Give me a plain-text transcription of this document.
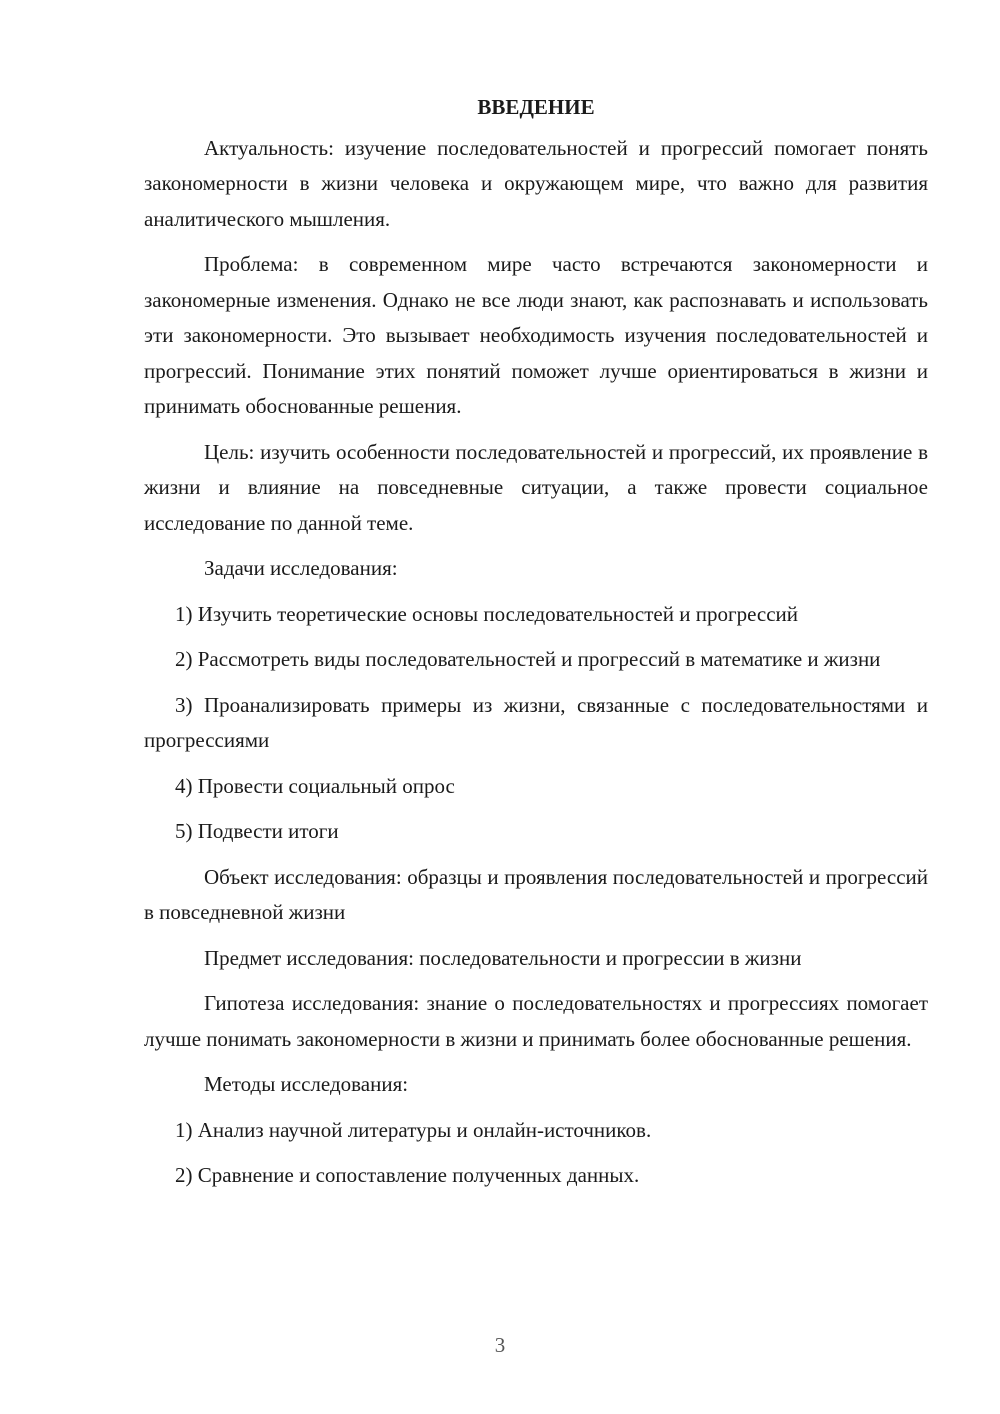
ВВЕДЕНИЕ

Актуальность: изучение последовательностей и прогрессий помогает понять закономерности в жизни человека и окружающем мире, что важно для развития аналитического мышления.

Проблема: в современном мире часто встречаются закономерности и закономерные изменения. Однако не все люди знают, как распознавать и использовать эти закономерности. Это вызывает необходимость изучения последовательностей и прогрессий. Понимание этих понятий поможет лучше ориентироваться в жизни и принимать обоснованные решения.

Цель: изучить особенности последовательностей и прогрессий, их проявление в жизни и влияние на повседневные ситуации, а также провести социальное исследование по данной теме.

Задачи исследования:

1) Изучить теоретические основы последовательностей и прогрессий

2) Рассмотреть виды последовательностей и прогрессий в математике и жизни

3) Проанализировать примеры из жизни, связанные с последовательностями и прогрессиями

4) Провести социальный опрос

5) Подвести итоги

Объект исследования: образцы и проявления последовательностей и прогрессий в повседневной жизни

Предмет исследования: последовательности и прогрессии в жизни

Гипотеза исследования: знание о последовательностях и прогрессиях помогает лучше понимать закономерности в жизни и принимать более обоснованные решения.

Методы исследования:

1) Анализ научной литературы и онлайн-источников.

2) Сравнение и сопоставление полученных данных.

3
